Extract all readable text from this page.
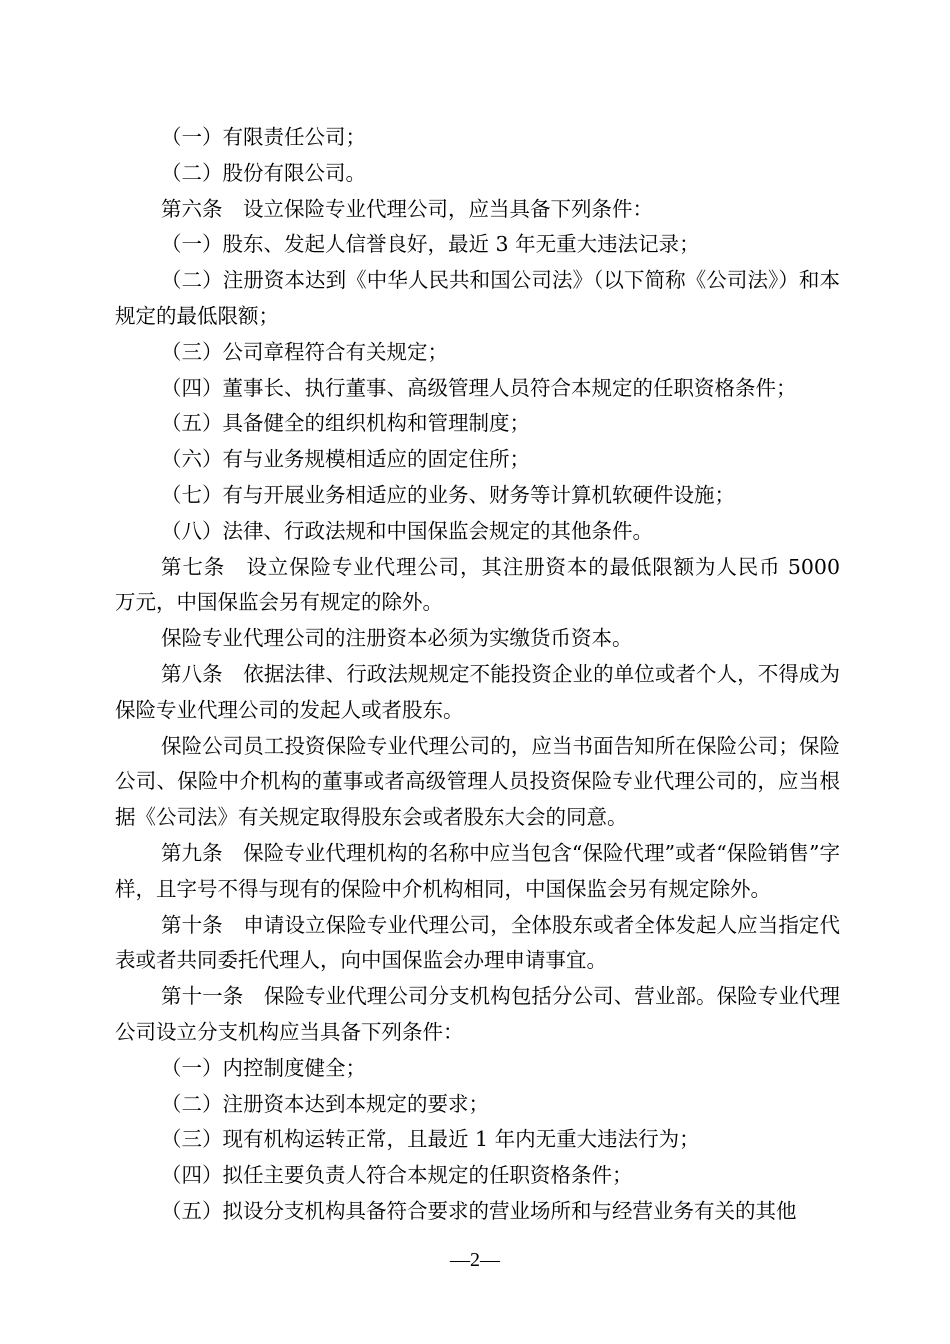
（一）有限责任公司；

（二）股份有限公司。

第六条　设立保险专业代理公司，应当具备下列条件：

（一）股东、发起人信誉良好，最近 3 年无重大违法记录；

（二）注册资本达到《中华人民共和国公司法》（以下简称《公司法》）和本规定的最低限额；

（三）公司章程符合有关规定；

（四）董事长、执行董事、高级管理人员符合本规定的任职资格条件；

（五）具备健全的组织机构和管理制度；

（六）有与业务规模相适应的固定住所；

（七）有与开展业务相适应的业务、财务等计算机软硬件设施；

（八）法律、行政法规和中国保监会规定的其他条件。

第七条　设立保险专业代理公司，其注册资本的最低限额为人民币 5000 万元，中国保监会另有规定的除外。

保险专业代理公司的注册资本必须为实缴货币资本。

第八条　依据法律、行政法规规定不能投资企业的单位或者个人，不得成为保险专业代理公司的发起人或者股东。

保险公司员工投资保险专业代理公司的，应当书面告知所在保险公司；保险公司、保险中介机构的董事或者高级管理人员投资保险专业代理公司的，应当根据《公司法》有关规定取得股东会或者股东大会的同意。

第九条　保险专业代理机构的名称中应当包含“保险代理”或者“保险销售”字样，且字号不得与现有的保险中介机构相同，中国保监会另有规定除外。

第十条　申请设立保险专业代理公司，全体股东或者全体发起人应当指定代表或者共同委托代理人，向中国保监会办理申请事宜。

第十一条　保险专业代理公司分支机构包括分公司、营业部。保险专业代理公司设立分支机构应当具备下列条件：

（一）内控制度健全；

（二）注册资本达到本规定的要求；

（三）现有机构运转正常，且最近 1 年内无重大违法行为；

（四）拟任主要负责人符合本规定的任职资格条件；

（五）拟设分支机构具备符合要求的营业场所和与经营业务有关的其他

—2—
